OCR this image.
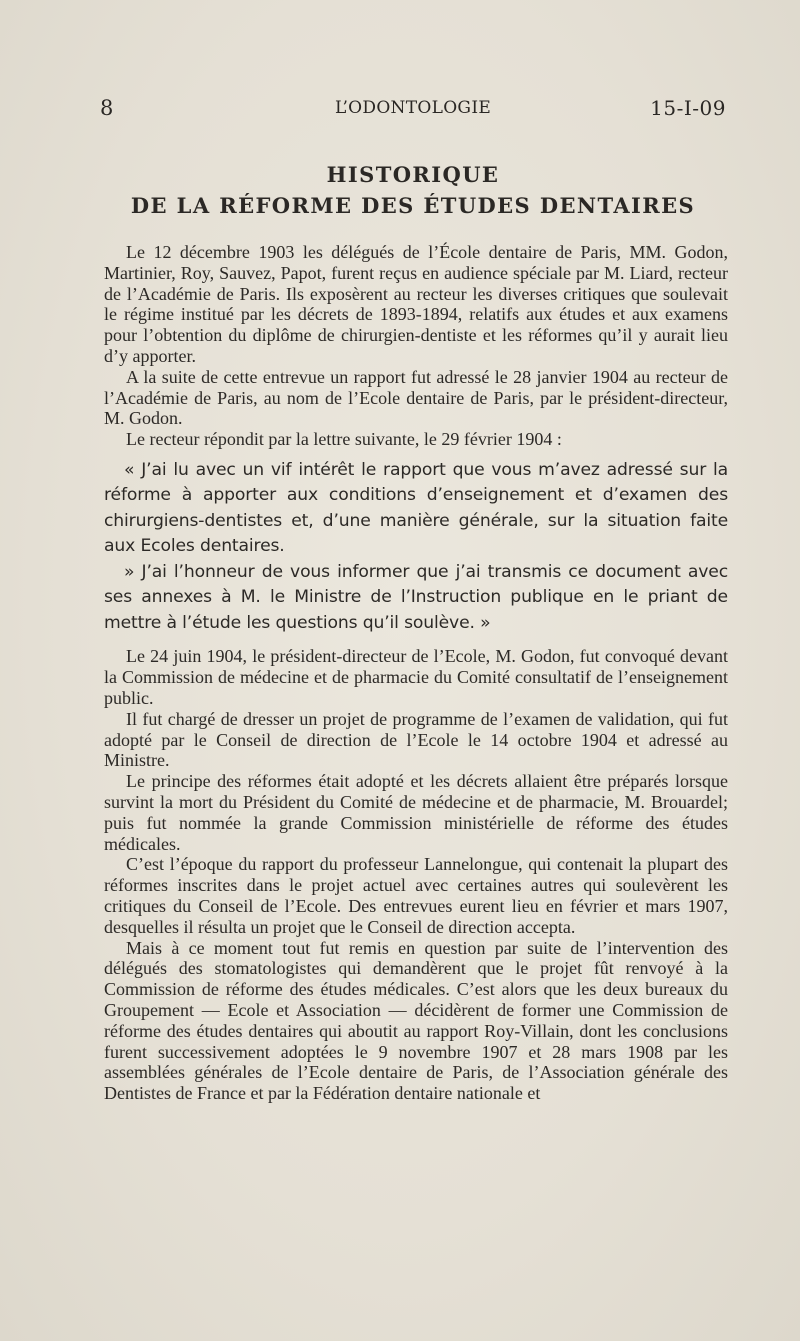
8	L’ODONTOLOGIE	15-I-09
HISTORIQUE
DE LA RÉFORME DES ÉTUDES DENTAIRES

Le 12 décembre 1903 les délégués de l’École dentaire de Paris, MM. Godon, Martinier, Roy, Sauvez, Papot, furent reçus en audience spéciale par M. Liard, recteur de l’Académie de Paris. Ils exposèrent au recteur les diverses critiques que soulevait le régime institué par les décrets de 1893-1894, relatifs aux études et aux examens pour l’obtention du diplôme de chirurgien-dentiste et les réformes qu’il y aurait lieu d’y apporter.

A la suite de cette entrevue un rapport fut adressé le 28 janvier 1904 au recteur de l’Académie de Paris, au nom de l’Ecole dentaire de Paris, par le président-directeur, M. Godon.

Le recteur répondit par la lettre suivante, le 29 février 1904 :

« J’ai lu avec un vif intérêt le rapport que vous m’avez adressé sur la réforme à apporter aux conditions d’enseignement et d’examen des chirurgiens-dentistes et, d’une manière générale, sur la situation faite aux Ecoles dentaires.

» J’ai l’honneur de vous informer que j’ai transmis ce document avec ses annexes à M. le Ministre de l’Instruction publique en le priant de mettre à l’étude les questions qu’il soulève. »

Le 24 juin 1904, le président-directeur de l’Ecole, M. Godon, fut convoqué devant la Commission de médecine et de pharmacie du Comité consultatif de l’enseignement public.

Il fut chargé de dresser un projet de programme de l’examen de validation, qui fut adopté par le Conseil de direction de l’Ecole le 14 octobre 1904 et adressé au Ministre.

Le principe des réformes était adopté et les décrets allaient être préparés lorsque survint la mort du Président du Comité de médecine et de pharmacie, M. Brouardel; puis fut nommée la grande Commission ministérielle de réforme des études médicales.

C’est l’époque du rapport du professeur Lannelongue, qui contenait la plupart des réformes inscrites dans le projet actuel avec certaines autres qui soulevèrent les critiques du Conseil de l’Ecole. Des entrevues eurent lieu en février et mars 1907, desquelles il résulta un projet que le Conseil de direction accepta.

Mais à ce moment tout fut remis en question par suite de l’intervention des délégués des stomatologistes qui demandèrent que le projet fût renvoyé à la Commission de réforme des études médicales. C’est alors que les deux bureaux du Groupement — Ecole et Association — décidèrent de former une Commission de réforme des études dentaires qui aboutit au rapport Roy-Villain, dont les conclusions furent successivement adoptées le 9 novembre 1907 et 28 mars 1908 par les assemblées générales de l’Ecole dentaire de Paris, de l’Association générale des Dentistes de France et par la Fédération dentaire nationale et
